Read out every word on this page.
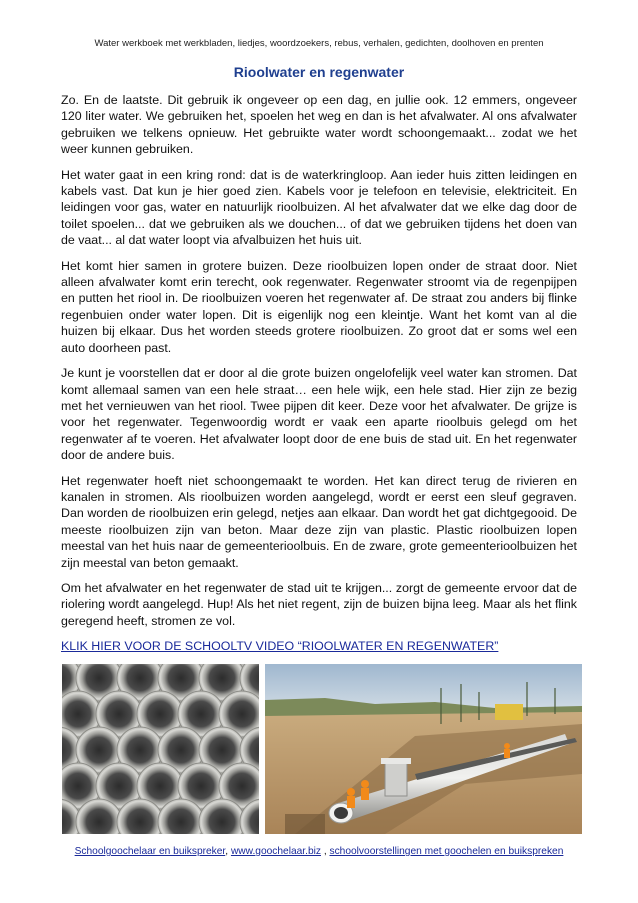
Water werkboek met werkbladen, liedjes, woordzoekers, rebus, verhalen, gedichten, doolhoven en prenten
Rioolwater en regenwater

Zo. En de laatste. Dit gebruik ik ongeveer op een dag, en jullie ook. 12 emmers, ongeveer 120 liter water. We gebruiken het, spoelen het weg en dan is het afvalwater. Al ons afvalwater gebruiken we telkens opnieuw. Het gebruikte water wordt schoongemaakt... zodat we het weer kunnen gebruiken.

Het water gaat in een kring rond: dat is de waterkringloop. Aan ieder huis zitten leidingen en kabels vast. Dat kun je hier goed zien. Kabels voor je telefoon en televisie, elektriciteit. En leidingen voor gas, water en natuurlijk rioolbuizen. Al het afvalwater dat we elke dag door de toilet spoelen... dat we gebruiken als we douchen... of dat we gebruiken tijdens het doen van de vaat... al dat water loopt via afvalbuizen het huis uit.

Het komt hier samen in grotere buizen. Deze rioolbuizen lopen onder de straat door. Niet alleen afvalwater komt erin terecht, ook regenwater. Regenwater stroomt via de regenpijpen en putten het riool in. De rioolbuizen voeren het regenwater af. De straat zou anders bij flinke regenbuien onder water lopen. Dit is eigenlijk nog een kleintje. Want het komt van al die huizen bij elkaar. Dus het worden steeds grotere rioolbuizen. Zo groot dat er soms wel een auto doorheen past.

Je kunt je voorstellen dat er door al die grote buizen ongelofelijk veel water kan stromen. Dat komt allemaal samen van een hele straat… een hele wijk, een hele stad. Hier zijn ze bezig met het vernieuwen van het riool. Twee pijpen dit keer. Deze voor het afvalwater. De grijze is voor het regenwater. Tegenwoordig wordt er vaak een aparte rioolbuis gelegd om het regenwater af te voeren. Het afvalwater loopt door de ene buis de stad uit. En het regenwater door de andere buis.

Het regenwater hoeft niet schoongemaakt te worden. Het kan direct terug de rivieren en kanalen in stromen. Als rioolbuizen worden aangelegd, wordt er eerst een sleuf gegraven. Dan worden de rioolbuizen erin gelegd, netjes aan elkaar. Dan wordt het gat dichtgegooid. De meeste rioolbuizen zijn van beton. Maar deze zijn van plastic. Plastic rioolbuizen lopen meestal van het huis naar de gemeenterioolbuis. En de zware, grote gemeenterioolbuizen het zijn meestal van beton gemaakt.

Om het afvalwater en het regenwater de stad uit te krijgen... zorgt de gemeente ervoor dat de riolering wordt aangelegd. Hup! Als het niet regent, zijn de buizen bijna leeg. Maar als het flink geregend heeft, stromen ze vol.

KLIK HIER VOOR DE SCHOOLTV VIDEO “RIOOLWATER EN REGENWATER”
Schoolgoochelaar en buikspreker, www.goochelaar.biz , schoolvoorstellingen met goochelen en buikspreken
